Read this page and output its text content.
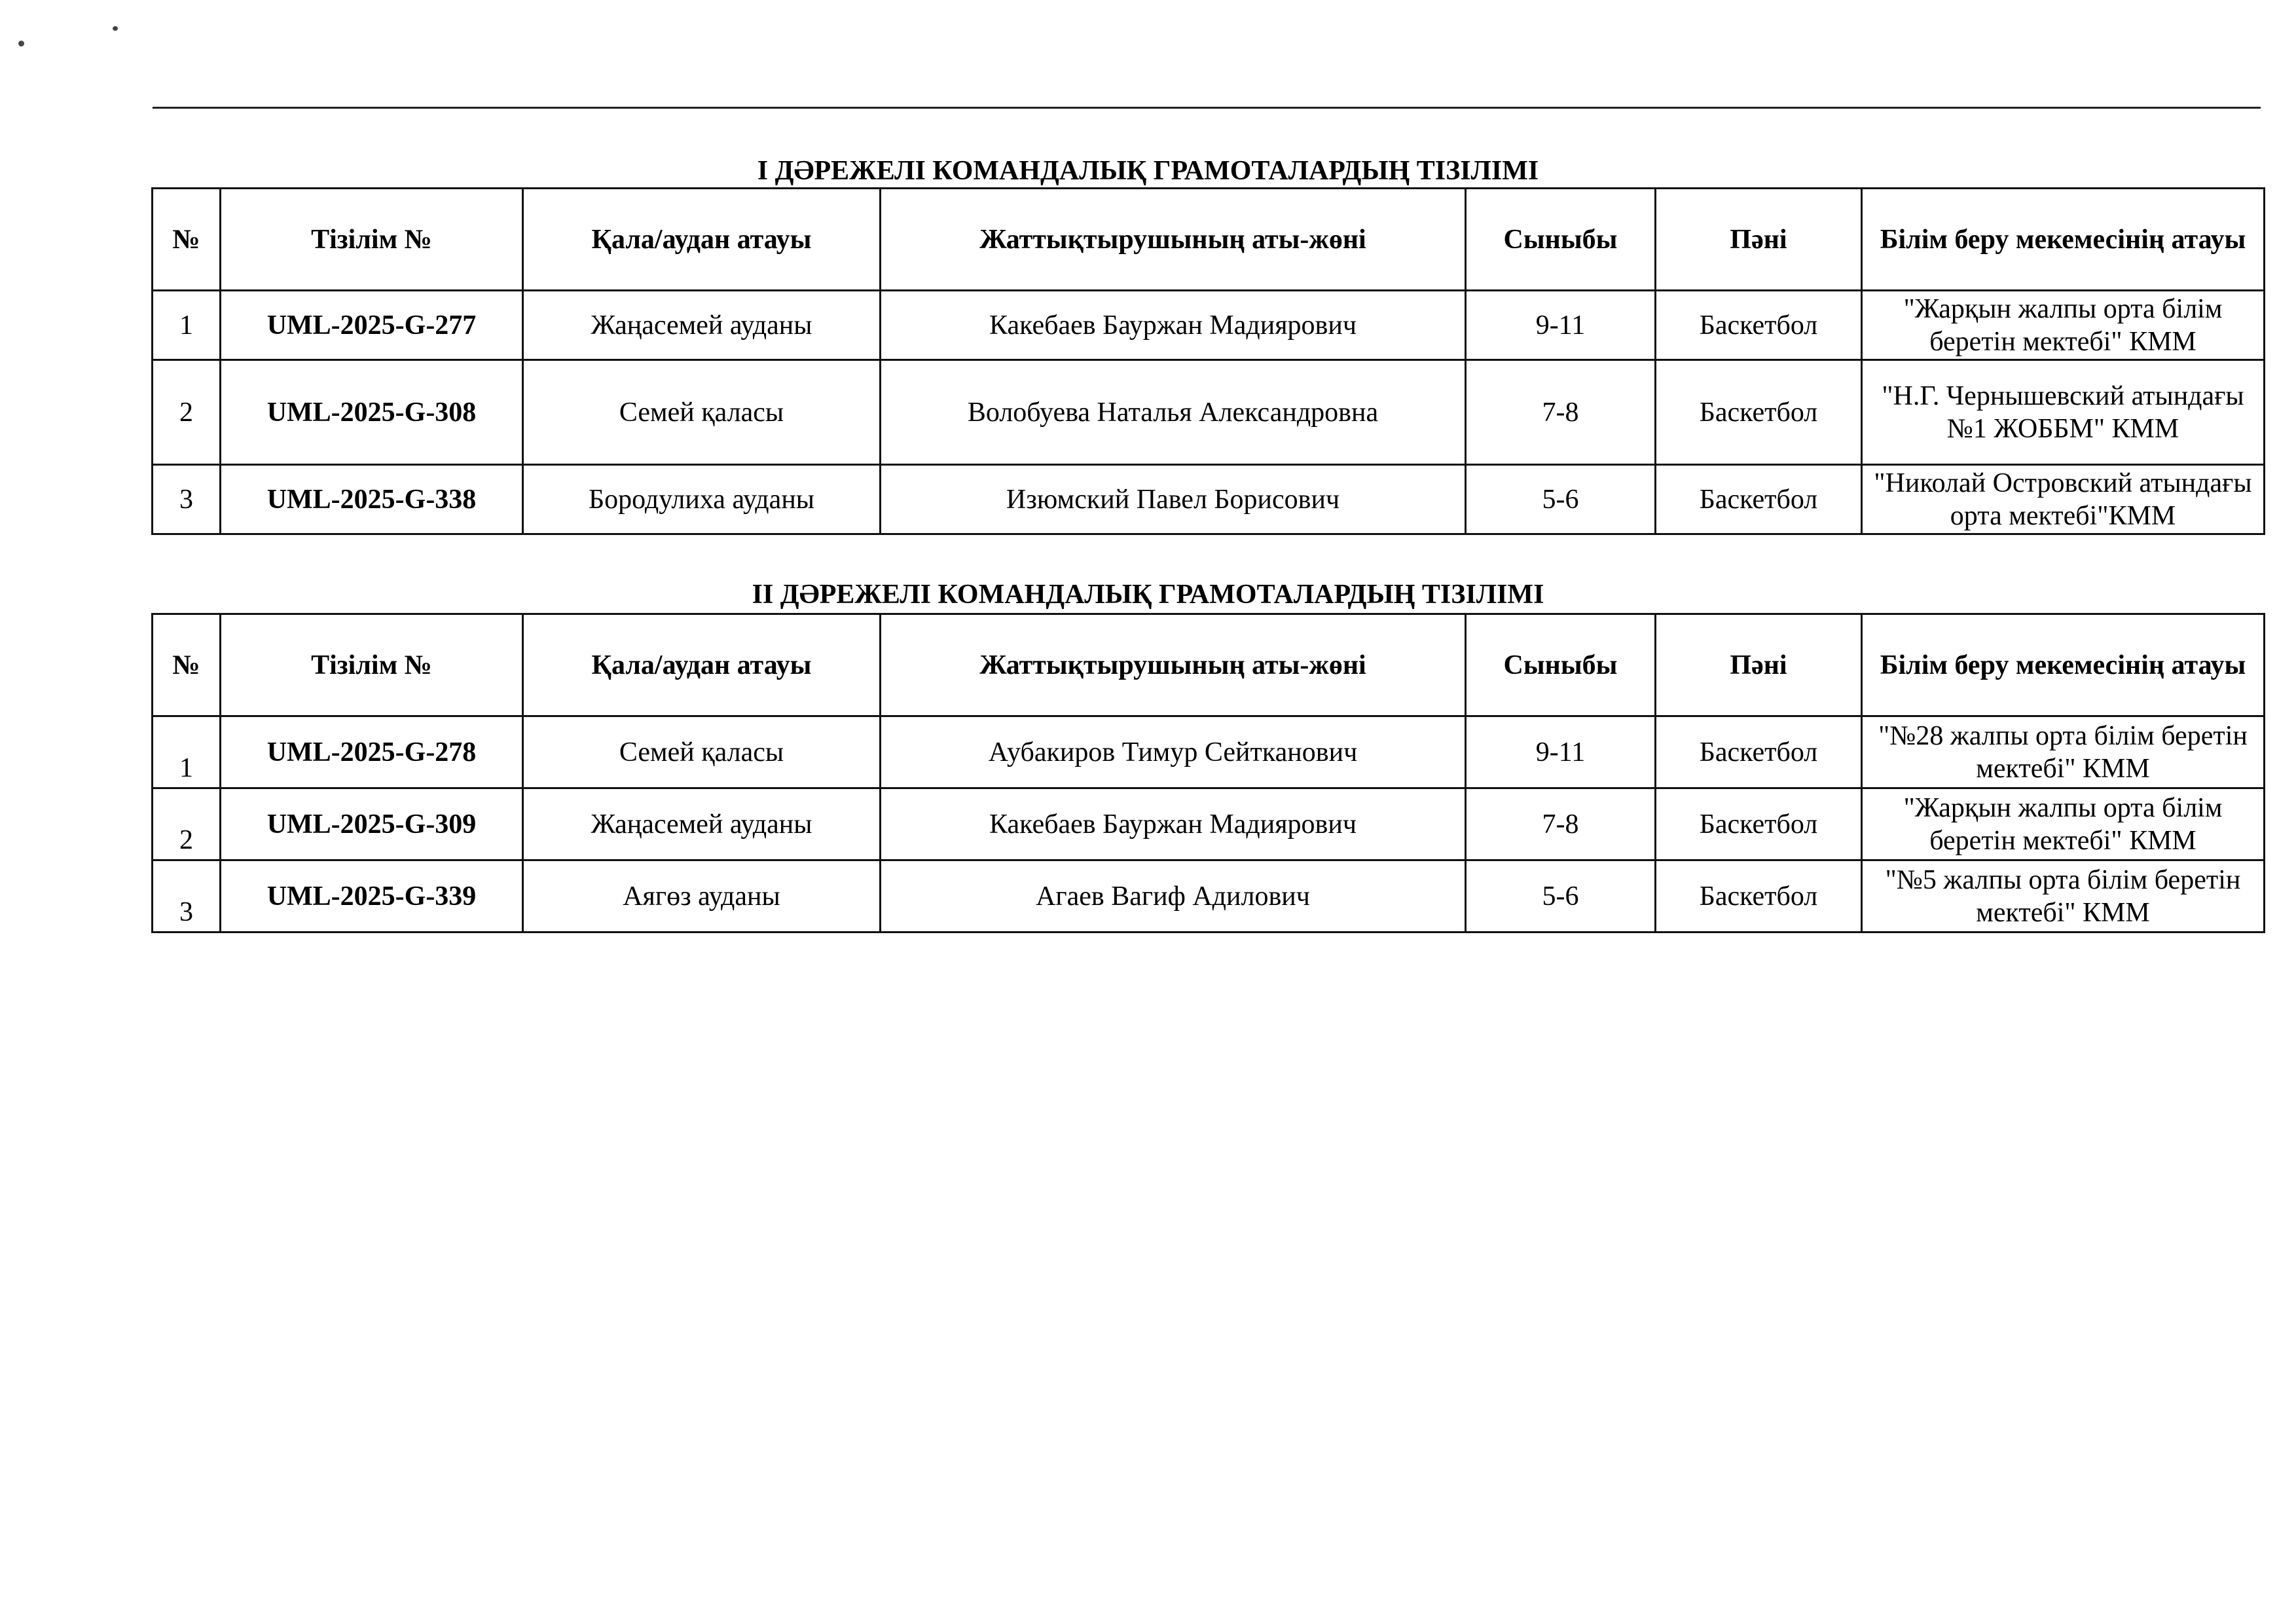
І ДӘРЕЖЕЛІ КОМАНДАЛЫҚ ГРАМОТАЛАРДЫҢ ТІЗІЛІМІ
№	Тізілім №	Қала/аудан атауы	Жаттықтырушының аты-жөні	Сыныбы	Пәні	Білім беру мекемесінің атауы
1	UML-2025-G-277	Жаңасемей ауданы	Какебаев Бауржан Мадиярович	9-11	Баскетбол	"Жарқын жалпы орта білім беретін мектебі" КММ
2	UML-2025-G-308	Семей қаласы	Волобуева Наталья Александровна	7-8	Баскетбол	"Н.Г. Чернышевский атындағы №1 ЖОББМ" КММ
3	UML-2025-G-338	Бородулиха ауданы	Изюмский Павел Борисович	5-6	Баскетбол	"Николай Островский атындағы орта мектебі"КММ
ІІ ДӘРЕЖЕЛІ КОМАНДАЛЫҚ ГРАМОТАЛАРДЫҢ ТІЗІЛІМІ
№	Тізілім №	Қала/аудан атауы	Жаттықтырушының аты-жөні	Сыныбы	Пәні	Білім беру мекемесінің атауы
1	UML-2025-G-278	Семей қаласы	Аубакиров Тимур Сейтканович	9-11	Баскетбол	"№28 жалпы орта білім беретін мектебі" КММ
2	UML-2025-G-309	Жаңасемей ауданы	Какебаев Бауржан Мадиярович	7-8	Баскетбол	"Жарқын жалпы орта білім беретін мектебі" КММ
3	UML-2025-G-339	Аягөз ауданы	Агаев Вагиф Адилович	5-6	Баскетбол	"№5 жалпы орта білім беретін мектебі" КММ
